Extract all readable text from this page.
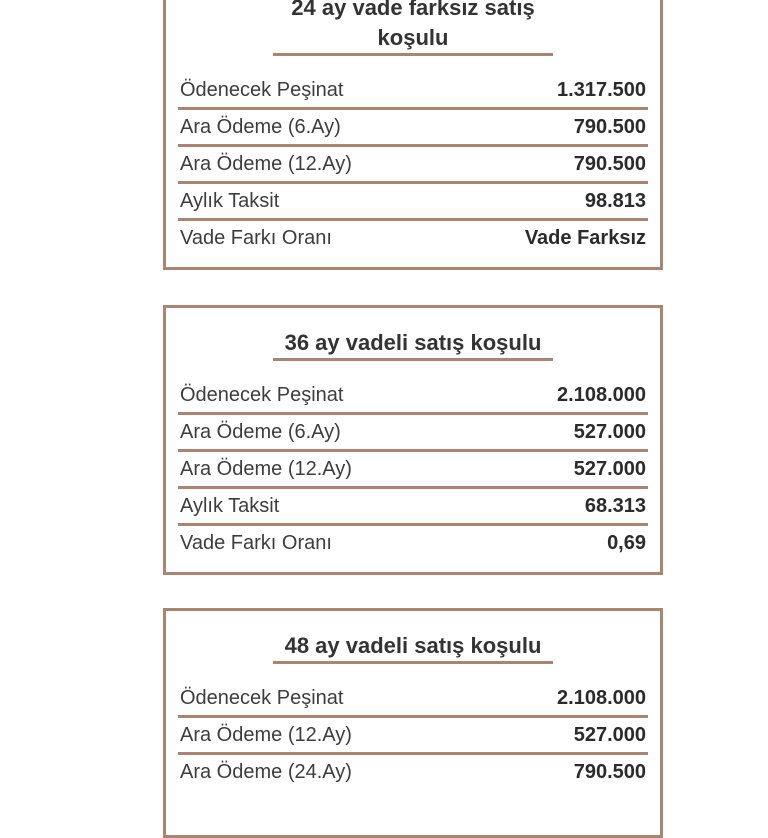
24 ay vade farksız satış
koşulu
Ödenecek Peşinat	1.317.500
Ara Ödeme (6.Ay)	790.500
Ara Ödeme (12.Ay)	790.500
Aylık Taksit	98.813
Vade Farkı Oranı	Vade Farksız
36 ay vadeli satış koşulu
Ödenecek Peşinat	2.108.000
Ara Ödeme (6.Ay)	527.000
Ara Ödeme (12.Ay)	527.000
Aylık Taksit	68.313
Vade Farkı Oranı	0,69
48 ay vadeli satış koşulu
Ödenecek Peşinat	2.108.000
Ara Ödeme (12.Ay)	527.000
Ara Ödeme (24.Ay)	790.500
